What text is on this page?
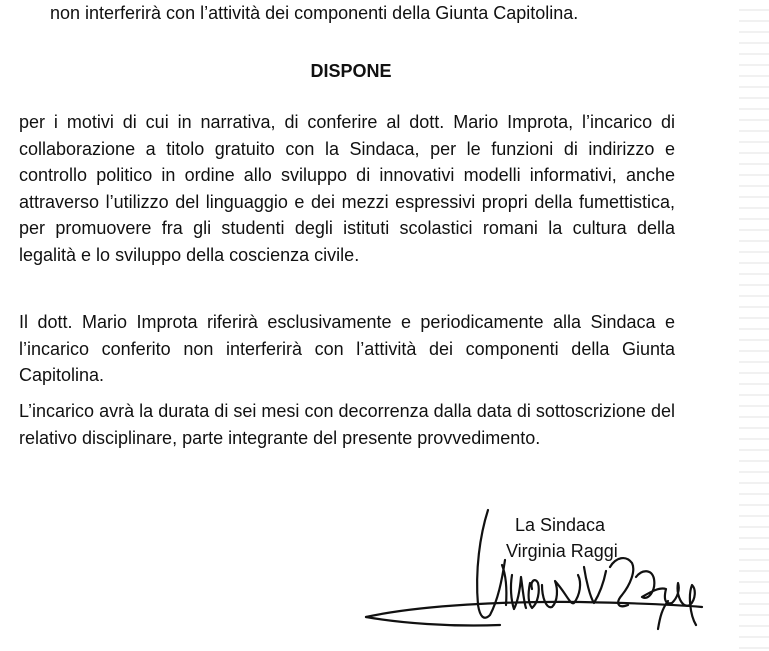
non interferirà con l’attività dei componenti della Giunta Capitolina.
DISPONE
per i motivi di cui in narrativa, di conferire al dott. Mario Improta, l’incarico di collaborazione a titolo gratuito con la Sindaca, per le funzioni di indirizzo e controllo politico in ordine allo sviluppo di innovativi modelli informativi, anche attraverso l’utilizzo del linguaggio e dei mezzi espressivi propri della fumettistica, per promuovere fra gli studenti degli istituti scolastici romani la cultura della legalità e lo sviluppo della coscienza civile.
Il dott. Mario Improta riferirà esclusivamente e periodicamente alla Sindaca e l’incarico conferito non interferirà con l’attività dei componenti della Giunta Capitolina.
L’incarico avrà la durata di sei mesi con decorrenza dalla data di sottoscrizione del relativo disciplinare, parte integrante del presente provvedimento.
La Sindaca
Virginia Raggi
